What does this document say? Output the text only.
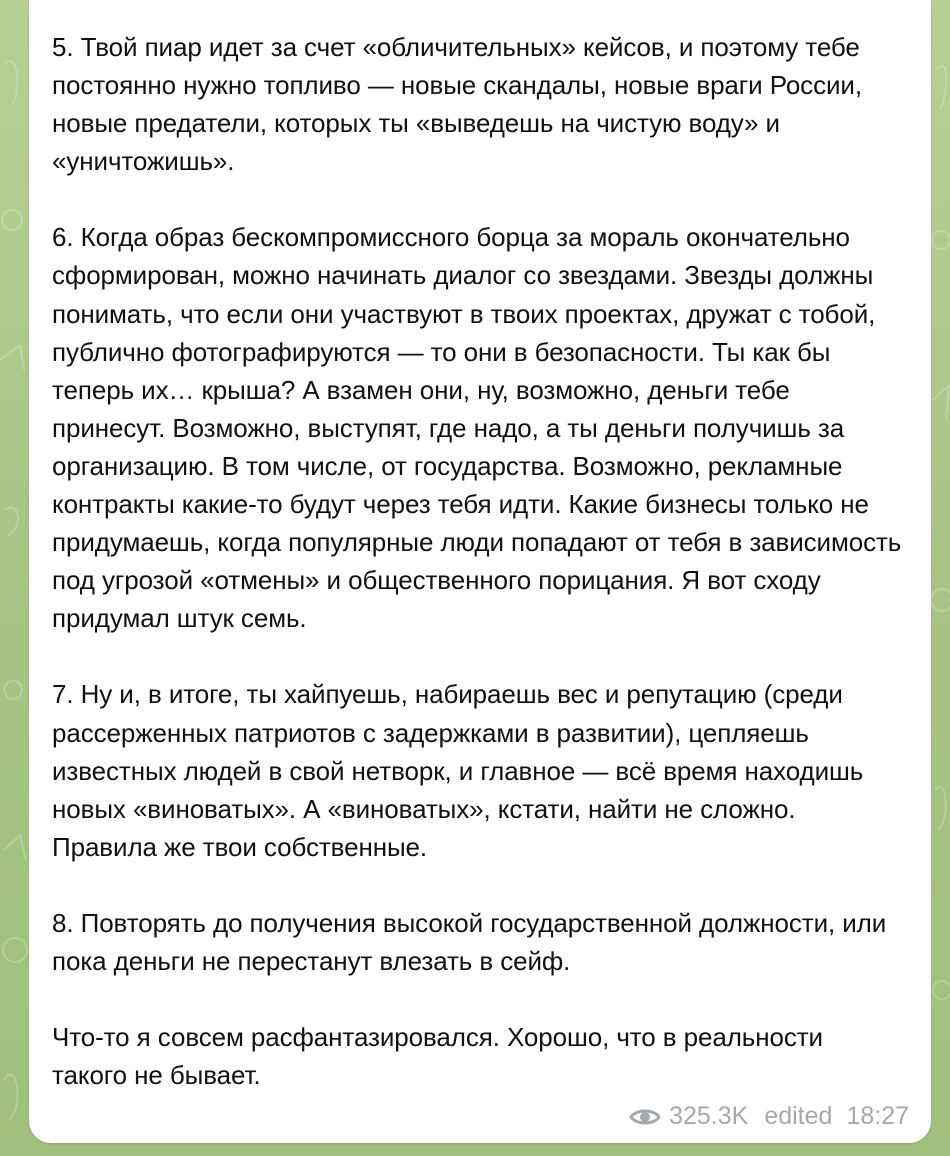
5. Твой пиар идет за счет «обличительных» кейсов, и поэтому тебе постоянно нужно топливо — новые скандалы, новые враги России, новые предатели, которых ты «выведешь на чистую воду» и «уничтожишь».

6. Когда образ бескомпромиссного борца за мораль окончательно сформирован, можно начинать диалог со звездами. Звезды должны понимать, что если они участвуют в твоих проектах, дружат с тобой, публично фотографируются — то они в безопасности. Ты как бы теперь их… крыша? А взамен они, ну, возможно, деньги тебе принесут. Возможно, выступят, где надо, а ты деньги получишь за организацию. В том числе, от государства. Возможно, рекламные контракты какие-то будут через тебя идти. Какие бизнесы только не придумаешь, когда популярные люди попадают от тебя в зависимость под угрозой «отмены» и общественного порицания. Я вот сходу придумал штук семь.

7. Ну и, в итоге, ты хайпуешь, набираешь вес и репутацию (среди рассерженных патриотов с задержками в развитии), цепляешь известных людей в свой нетворк, и главное — всё время находишь новых «виноватых». А «виноватых», кстати, найти не сложно. Правила же твои собственные.

8. Повторять до получения высокой государственной должности, или пока деньги не перестанут влезать в сейф.

Что-то я совсем расфантазировался. Хорошо, что в реальности такого не бывает.

325.3K edited 18:27
